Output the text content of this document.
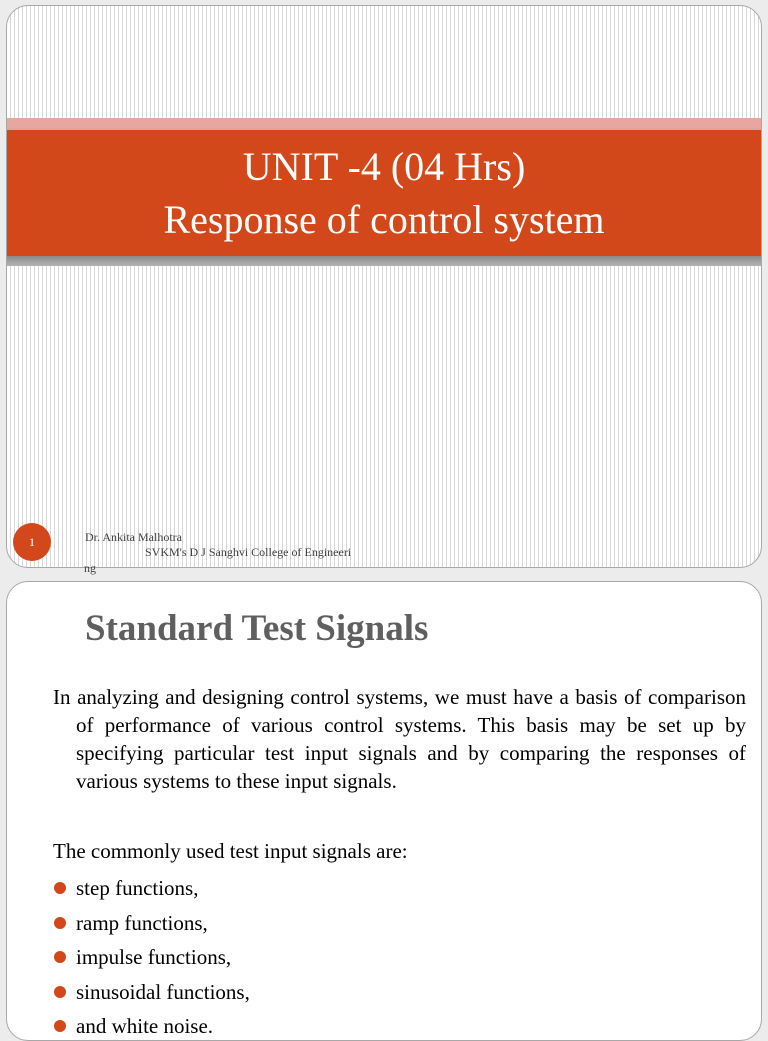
UNIT -4 (04 Hrs)

Response of control system

1	Dr. Ankita Malhotra
SVKM's D J Sanghvi College of Engineeri
ng
Standard Test Signals

In analyzing and designing control systems, we must have a basis of comparison of performance of various control systems. This basis may be set up by specifying particular test input signals and by comparing the responses of various systems to these input signals.

The commonly used test input signals are:

step functions,
ramp functions,
impulse functions,
sinusoidal functions,
and white noise.
